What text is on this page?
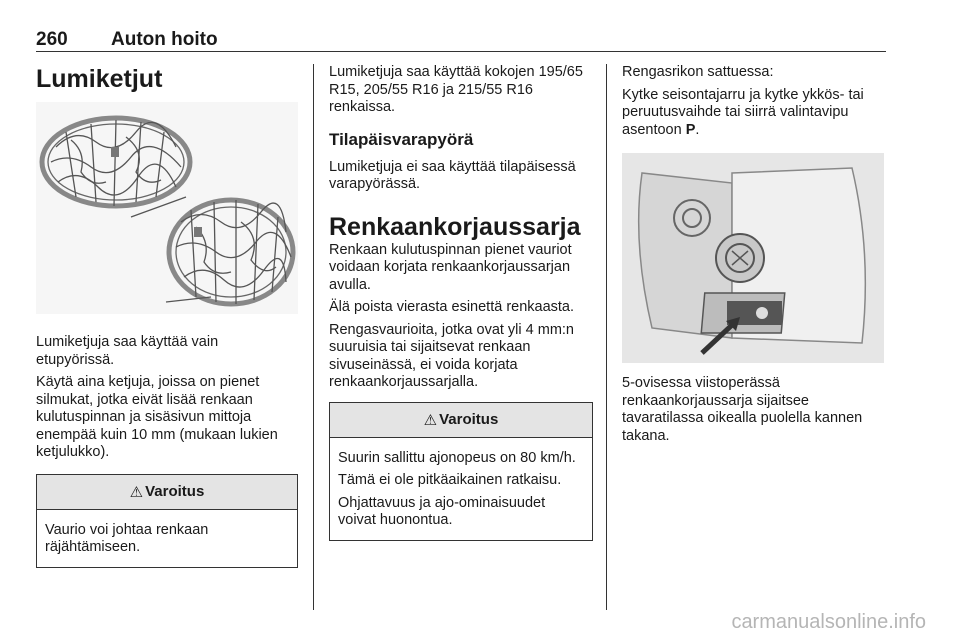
260 Auton hoito
Lumiketjut
Lumiketjuja saa käyttää vain etupyörissä.
Käytä aina ketjuja, joissa on pienet silmukat, jotka eivät lisää renkaan kulutuspinnan ja sisäsivun mittoja enempää kuin 10 mm (mukaan lukien ketjulukko).
⚠ Varoitus
Vaurio voi johtaa renkaan räjähtämiseen.
Lumiketjuja saa käyttää kokojen 195/65 R15, 205/55 R16 ja 215/55 R16 renkaissa.
Tilapäisvarapyörä
Lumiketjuja ei saa käyttää tilapäisessä varapyörässä.
Renkaankorjaussarja
Renkaan kulutuspinnan pienet vauriot voidaan korjata renkaankorjaussarjan avulla.
Älä poista vierasta esinettä renkaasta.
Rengasvaurioita, jotka ovat yli 4 mm:n suuruisia tai sijaitsevat renkaan sivuseinässä, ei voida korjata renkaankorjaussarjalla.
⚠ Varoitus
Suurin sallittu ajonopeus on 80 km/h.
Tämä ei ole pitkäaikainen ratkaisu.
Ohjattavuus ja ajo-ominaisuudet voivat huonontua.
Rengasrikon sattuessa:
Kytke seisontajarru ja kytke ykkös- tai peruutusvaihde tai siirrä valintavipu asentoon P.
5-ovisessa viistoperässä renkaankorjaussarja sijaitsee tavaratilassa oikealla puolella kannen takana.
carmanualsonline.info
